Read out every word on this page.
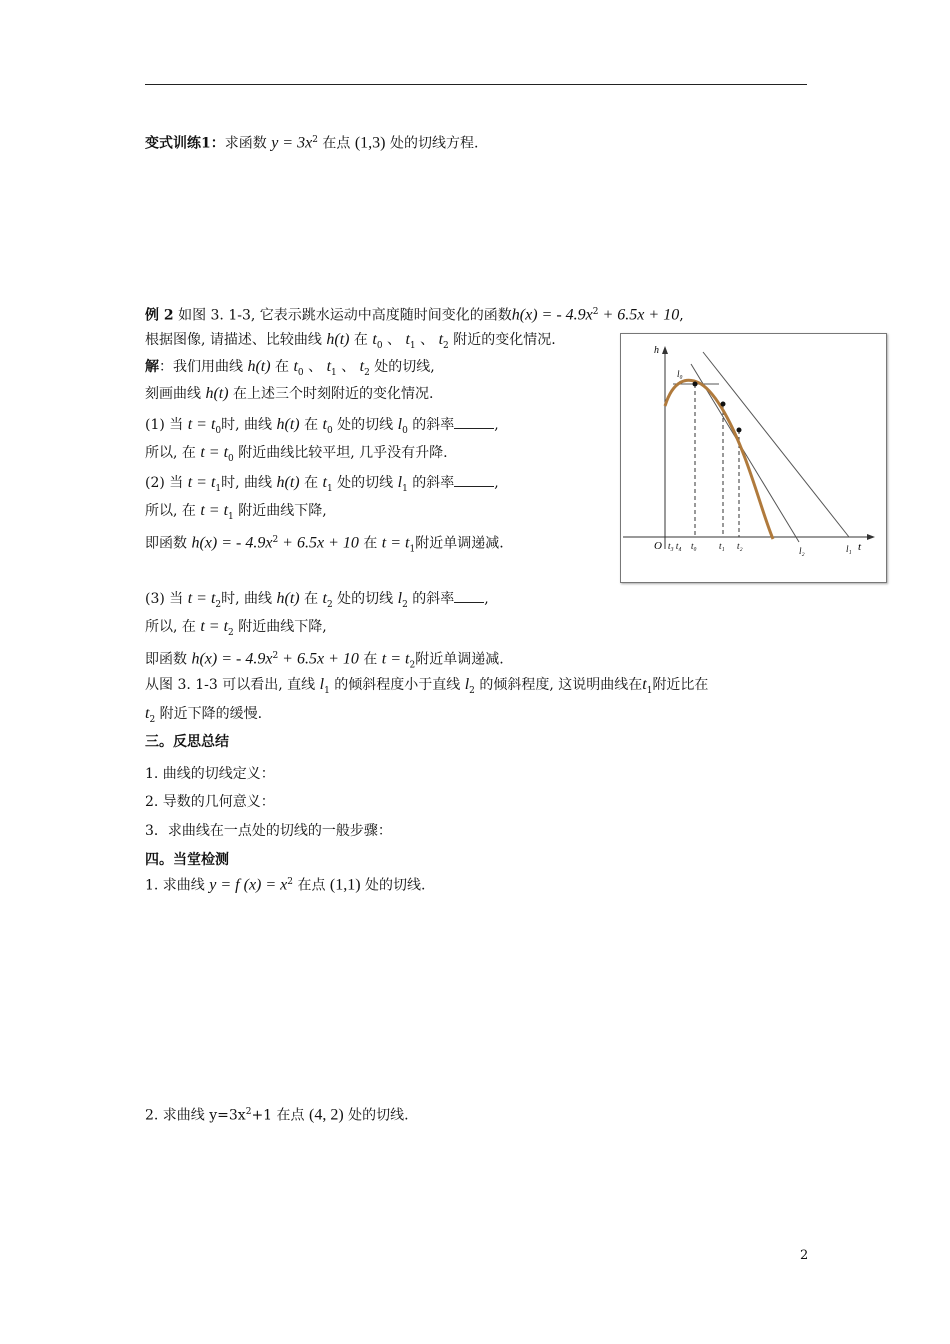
变式训练1：求函数 $y = 3x^2$ 在点 (1,3) 处的切线方程.
例 2 如图 3. 1-3, 它表示跳水运动中高度随时间变化的函数h(x) = - $4.9x^2 + 6.5x + 10$,
根据图像, 请描述、比较曲线 h(t) 在 $t_0$ 、 $t_1$ 、 $t_2$ 附近的变化情况.
解：我们用曲线 h(t) 在 $t_0$ 、 $t_1$ 、 $t_2$ 处的切线,
刻画曲线 h(t) 在上述三个时刻附近的变化情况.
(1) 当 $t = t_0$时, 曲线 h(t) 在 $t_0$ 处的切线 $l_0$ 的斜率	,
所以, 在 $t = t_0$ 附近曲线比较平坦, 几乎没有升降.
(2) 当 $t = t_1$时, 曲线 h(t) 在 $t_1$ 处的切线 $l_1$ 的斜率	,
所以, 在 $t = t_1$ 附近曲线下降,
即函数 h(x) = - $4.9x^2 + 6.5x + 10$ 在 $t = t_1$附近单调递减.
(3) 当 $t = t_2$时, 曲线 h(t) 在 $t_2$ 处的切线 $l_2$ 的斜率 ,
所以, 在 $t = t_2$ 附近曲线下降,
即函数 h(x) = - $4.9x^2 + 6.5x + 10$ 在 $t = t_2$附近单调递减.
从图 3. 1-3 可以看出, 直线 $l_1$ 的倾斜程度小于直线 $l_2$ 的倾斜程度, 这说明曲线在$t_1$附近比在
$t_2$ 附近下降的缓慢.
三。反思总结
1. 曲线的切线定义：
2. 导数的几何意义：
3．求曲线在一点处的切线的一般步骤：
四。当堂检测
1. 求曲线 y = f $(x) = x^2$ 在点 (1,1) 处的切线.
2. 求曲线 $y=3x^2+1$ 在点 (4, 2) 处的切线.
h
O t₃ t₄ t₀ t₁ t₂
l₀
l₁
l₂	t
2
